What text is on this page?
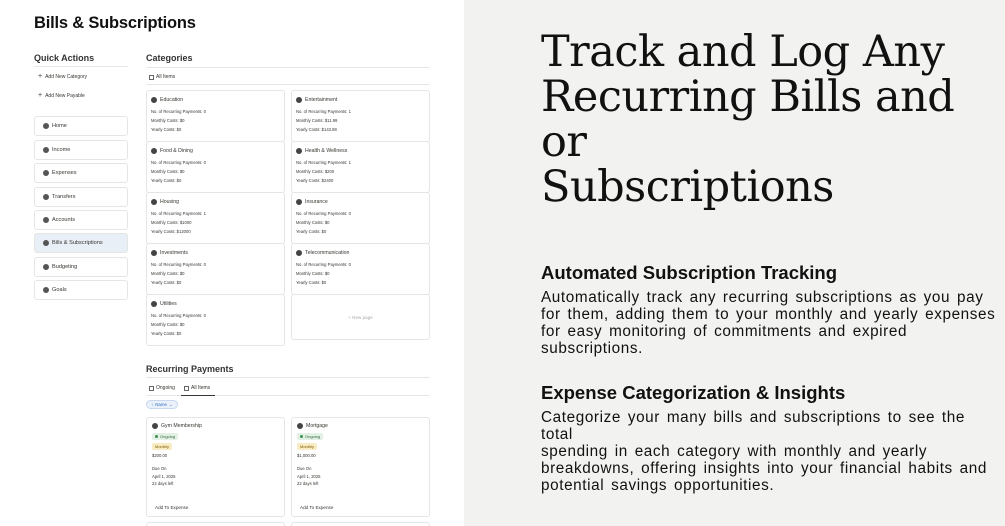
Bills & Subscriptions
Quick Actions
+ Add New Category
+ Add New Payable
Home
Income
Expenses
Transfers
Accounts
Bills & Subscriptions
Budgeting
Goals
Categories
All Items
Education
No. of Recurring Payments: 0
Monthly Costs: $0
Yearly Costs: $0
Entertainment
No. of Recurring Payments: 1
Monthly Costs: $11.99
Yearly Costs: $143.88
Food & Dining
No. of Recurring Payments: 0
Monthly Costs: $0
Yearly Costs: $0
Health & Wellness
No. of Recurring Payments: 1
Monthly Costs: $200
Yearly Costs: $2400
Housing
No. of Recurring Payments: 1
Monthly Costs: $1000
Yearly Costs: $12000
Insurance
No. of Recurring Payments: 0
Monthly Costs: $0
Yearly Costs: $0
Investments
No. of Recurring Payments: 0
Monthly Costs: $0
Yearly Costs: $0
Telecommunication
No. of Recurring Payments: 0
Monthly Costs: $0
Yearly Costs: $0
Utilities
No. of Recurring Payments: 0
Monthly Costs: $0
Yearly Costs: $0
+ New page
Recurring Payments
Ongoing	All Items
↑ Name ⌄
Gym Membership
Ongoing
Monthly
$200.00
Due On
April 1, 2025
22 days left
Add To Expense
Mortgage
Ongoing
Monthly
$1,000.00
Due On
April 1, 2025
22 days left
Add To Expense
Track and Log Any
Recurring Bills and or
Subscriptions
Automated Subscription Tracking

Automatically track any recurring subscriptions as you pay
for them, adding them to your monthly and yearly expenses
for easy monitoring of commitments and expired
subscriptions.

Expense Categorization & Insights

Categorize your many bills and subscriptions to see the total
spending in each category with monthly and yearly
breakdowns, offering insights into your financial habits and
potential savings opportunities.
